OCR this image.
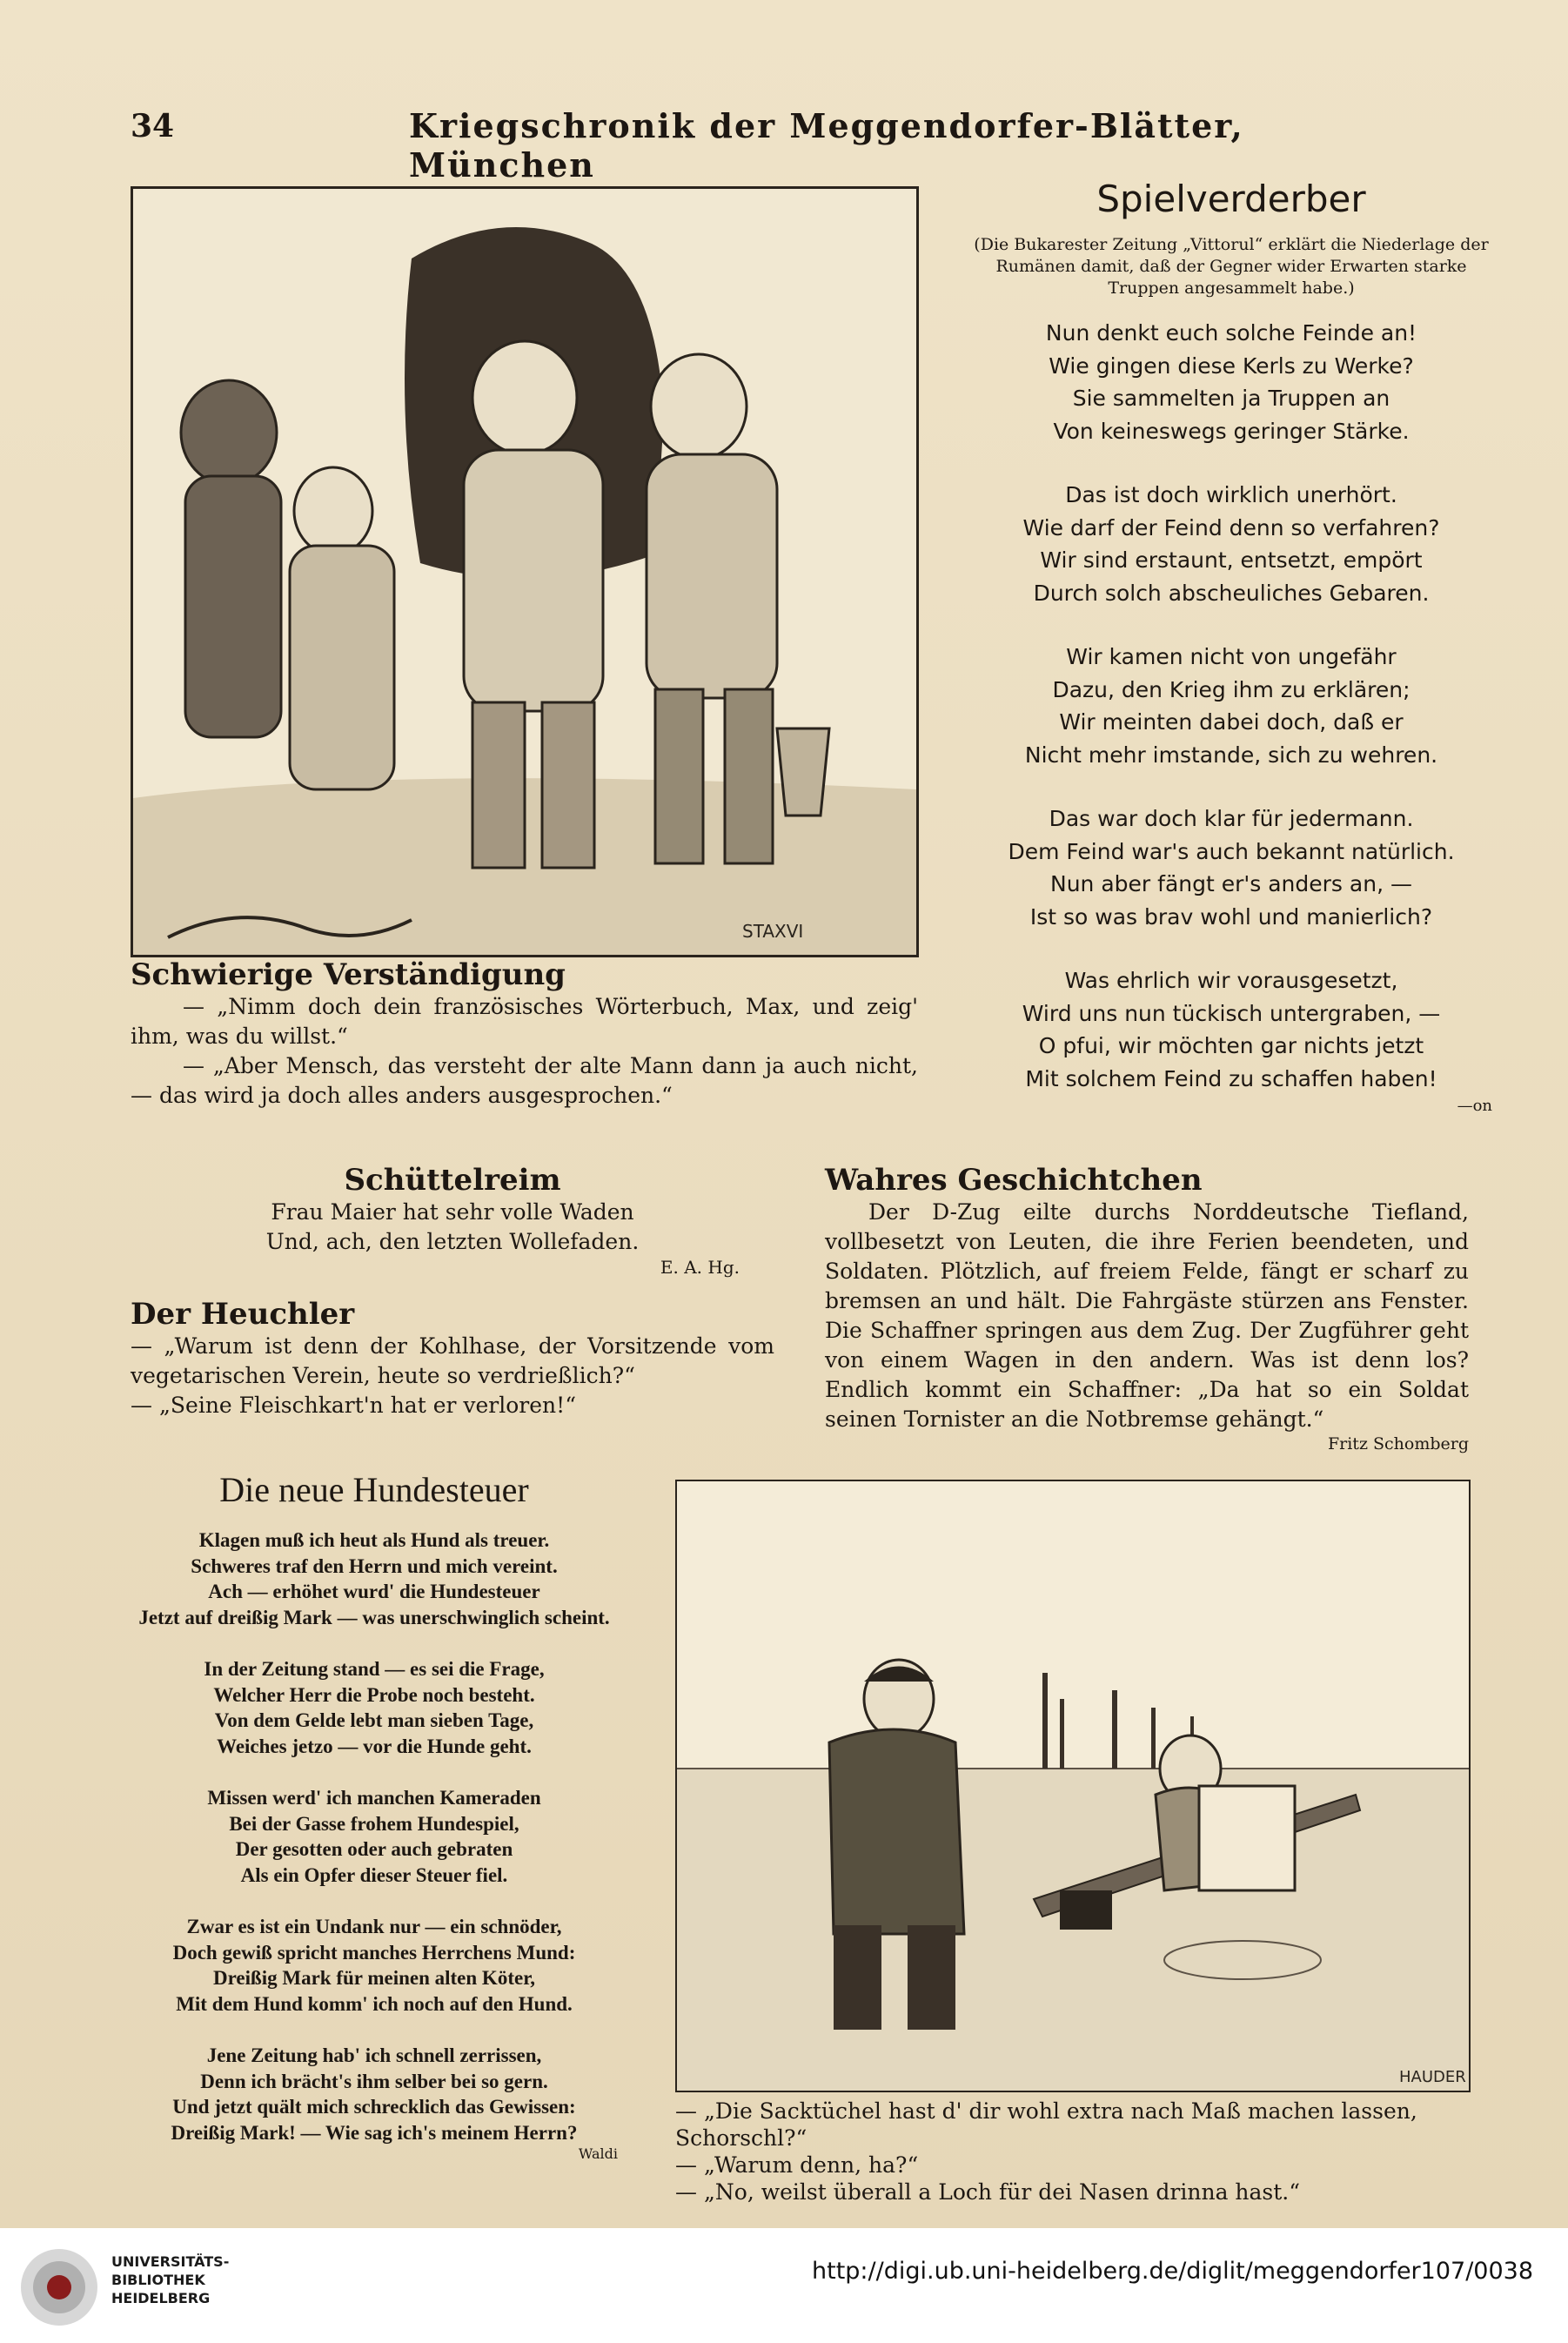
34	Kriegschronik der Meggendorfer-Blätter, München
STAXVI
Spielverderber
(Die Bukarester Zeitung „Vittorul“ erklärt die Niederlage der Rumänen damit, daß der Gegner wider Erwarten starke Truppen angesammelt habe.)

Nun denkt euch solche Feinde an!

Wie gingen diese Kerls zu Werke?

Sie sammelten ja Truppen an

Von keineswegs geringer Stärke.

Das ist doch wirklich unerhört.

Wie darf der Feind denn so verfahren?

Wir sind erstaunt, entsetzt, empört

Durch solch abscheuliches Gebaren.

Wir kamen nicht von ungefähr

Dazu, den Krieg ihm zu erklären;

Wir meinten dabei doch, daß er

Nicht mehr imstande, sich zu wehren.

Das war doch klar für jedermann.

Dem Feind war's auch bekannt natürlich.

Nun aber fängt er's anders an, —

Ist so was brav wohl und manierlich?

Was ehrlich wir vorausgesetzt,

Wird uns nun tückisch untergraben, —

O pfui, wir möchten gar nichts jetzt

Mit solchem Feind zu schaffen haben!

—on
Schwierige Verständigung
— „Nimm doch dein französisches Wörterbuch, Max, und zeig' ihm, was du willst.“
— „Aber Mensch, das versteht der alte Mann dann ja auch nicht, — das wird ja doch alles anders ausgesprochen.“
Schüttelreim
Frau Maier hat sehr volle Waden
Und, ach, den letzten Wollefaden.
E. A. Hg.
Der Heuchler
— „Warum ist denn der Kohlhase, der Vorsitzende vom vegetarischen Verein, heute so verdrießlich?“
— „Seine Fleischkart'n hat er verloren!“
Wahres Geschichtchen
Der D-Zug eilte durchs Norddeutsche Tiefland, vollbesetzt von Leuten, die ihre Ferien beendeten, und Soldaten. Plötzlich, auf freiem Felde, fängt er scharf zu bremsen an und hält. Die Fahrgäste stürzen ans Fenster. Die Schaffner springen aus dem Zug. Der Zugführer geht von einem Wagen in den andern. Was ist denn los? Endlich kommt ein Schaffner: „Da hat so ein Soldat seinen Tornister an die Notbremse gehängt.“
Fritz Schomberg
Die neue Hundesteuer
Klagen muß ich heut als Hund als treuer.
Schweres traf den Herrn und mich vereint.
Ach — erhöhet wurd' die Hundesteuer
Jetzt auf dreißig Mark — was unerschwinglich scheint.
In der Zeitung stand — es sei die Frage,
Welcher Herr die Probe noch besteht.
Von dem Gelde lebt man sieben Tage,
Weiches jetzo — vor die Hunde geht.
Missen werd' ich manchen Kameraden
Bei der Gasse frohem Hundespiel,
Der gesotten oder auch gebraten
Als ein Opfer dieser Steuer fiel.
Zwar es ist ein Undank nur — ein schnöder,
Doch gewiß spricht manches Herrchens Mund:
Dreißig Mark für meinen alten Köter,
Mit dem Hund komm' ich noch auf den Hund.
Jene Zeitung hab' ich schnell zerrissen,
Denn ich brächt's ihm selber bei so gern.
Und jetzt quält mich schrecklich das Gewissen:
Dreißig Mark! — Wie sag ich's meinem Herrn?
Waldi
HAUDER
— „Die Sacktüchel hast d' dir wohl extra nach Maß machen lassen, Schorschl?“
— „Warum denn, ha?“
— „No, weilst überall a Loch für dei Nasen drinna hast.“
UNIVERSITÄTS-
BIBLIOTHEK
HEIDELBERG
http://digi.ub.uni-heidelberg.de/diglit/meggendorfer107/0038
